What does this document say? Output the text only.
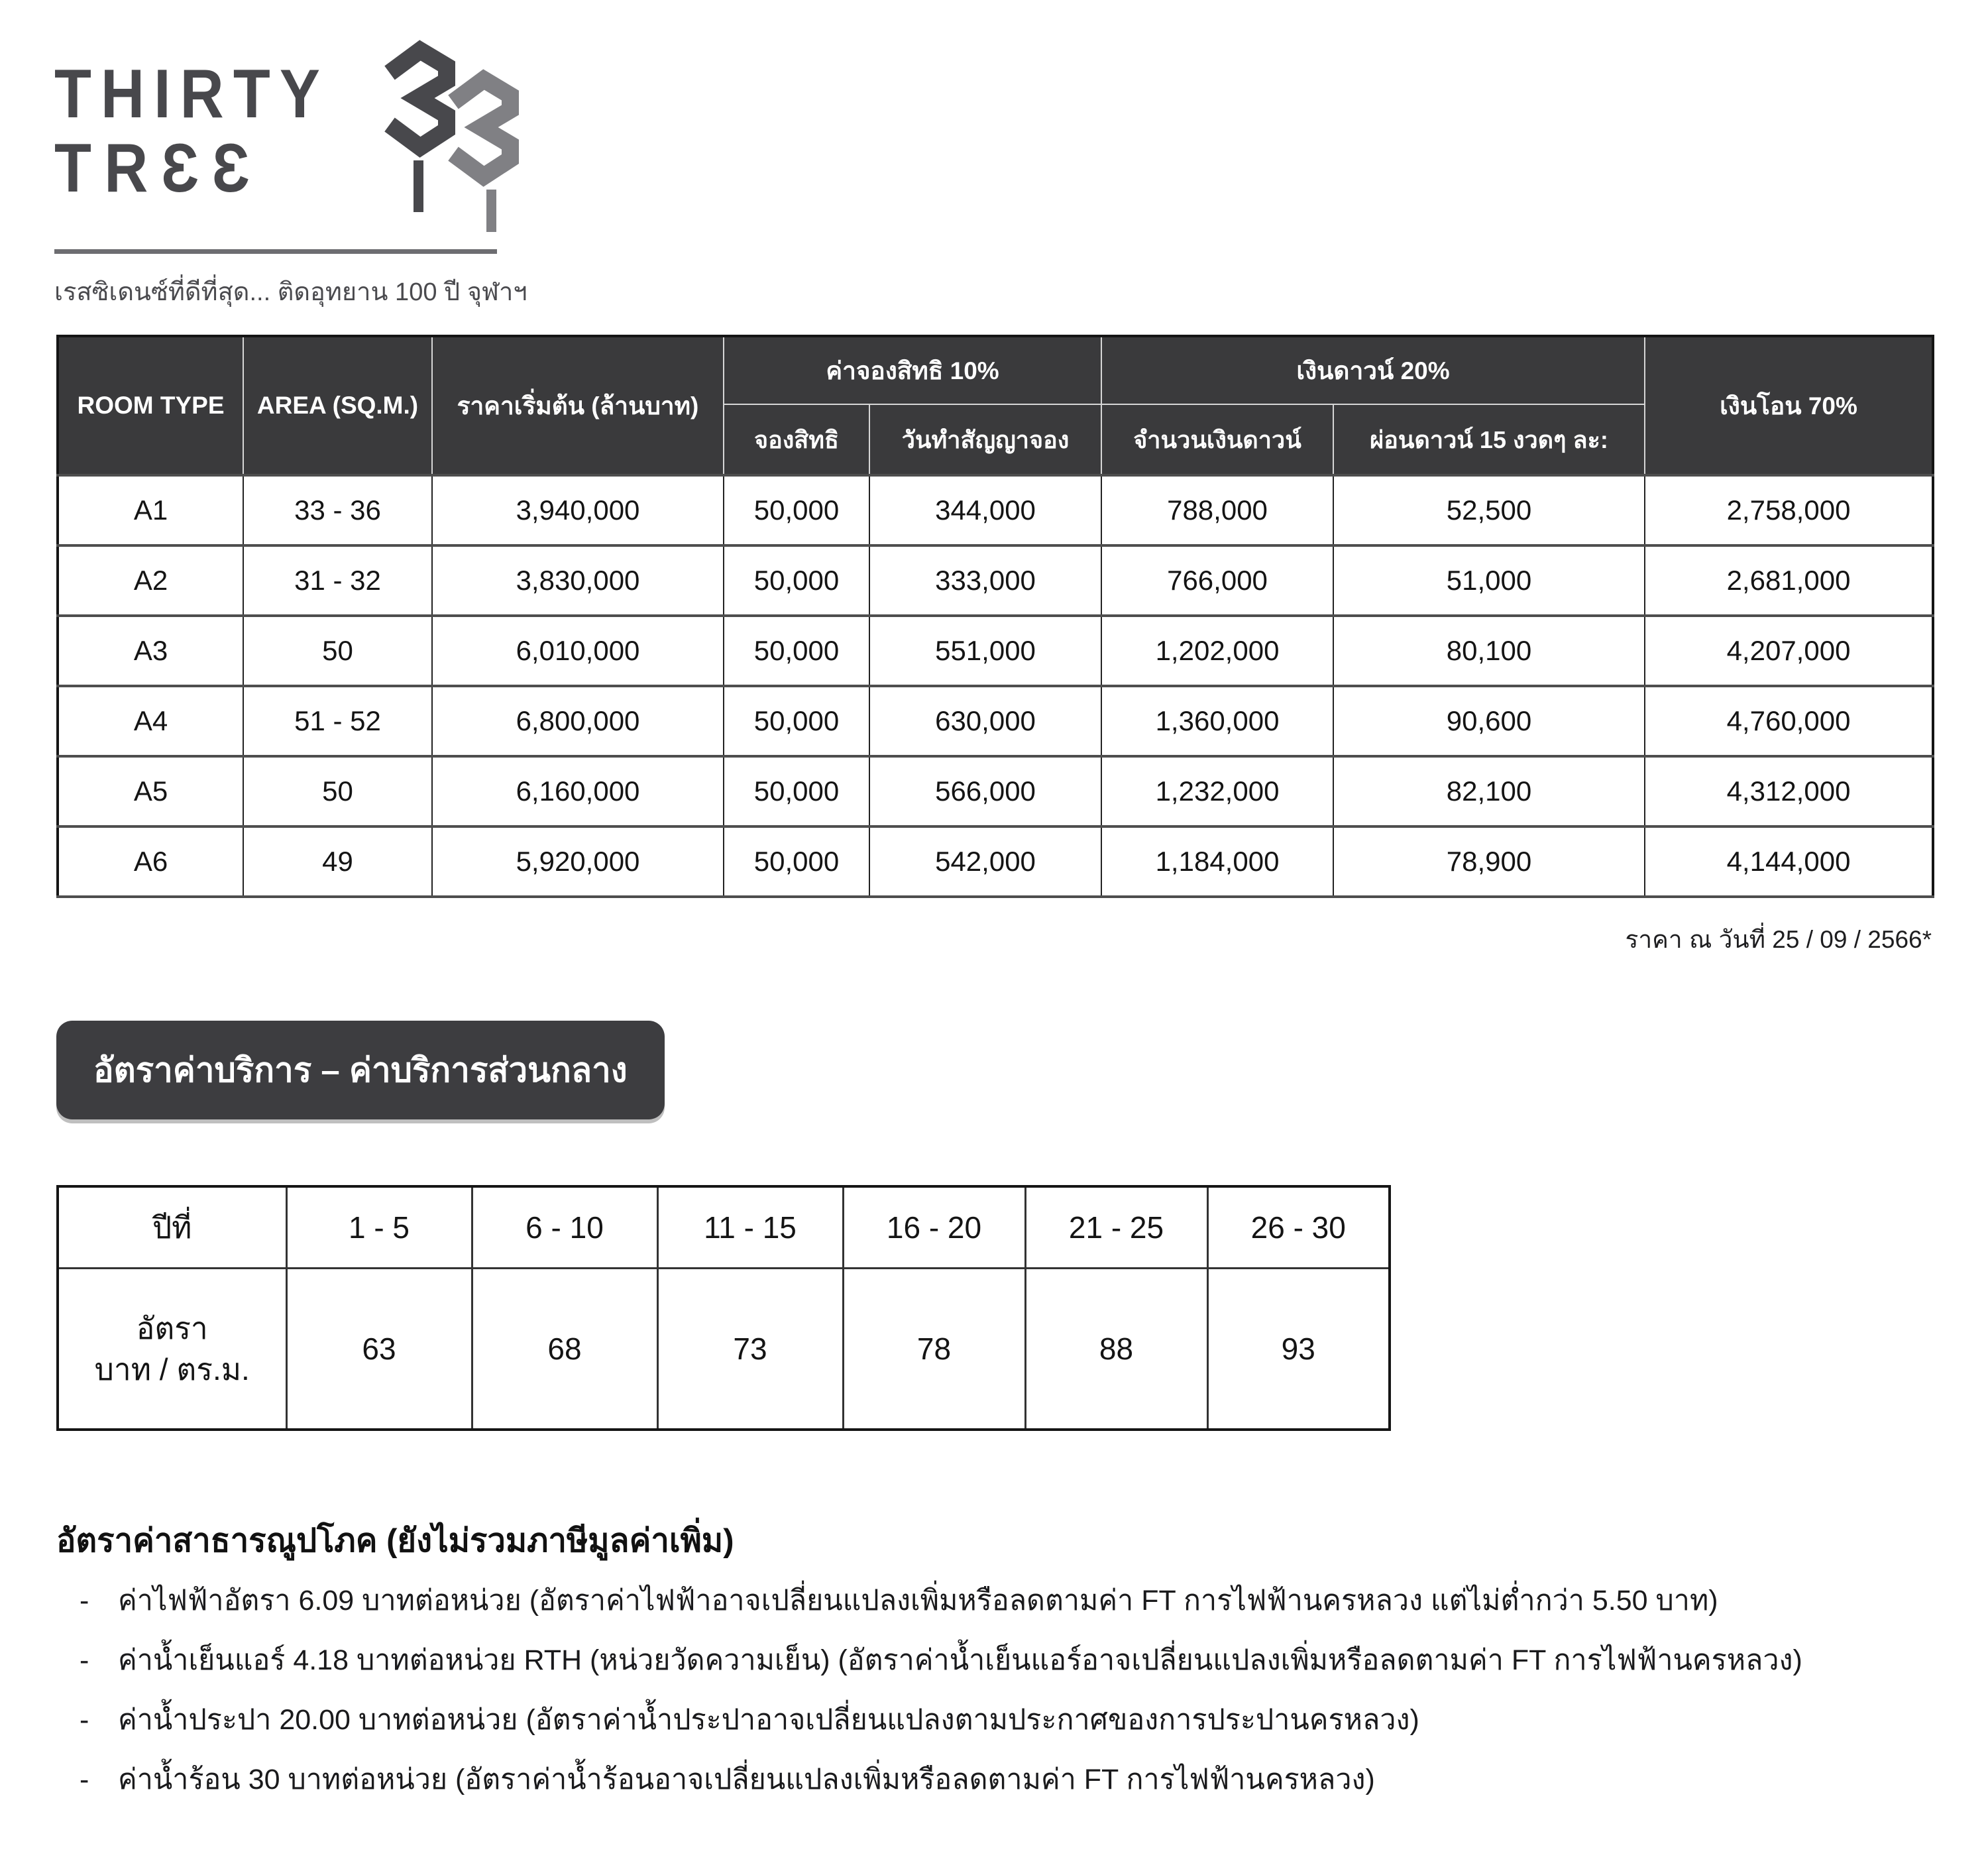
THIRTY
TRƐƐ
เรสซิเดนซ์ที่ดีที่สุด... ติดอุทยาน 100 ปี จุฬาฯ
ROOM TYPE	AREA (SQ.M.)	ราคาเริ่มต้น (ล้านบาท)	ค่าจองสิทธิ 10%		เงินดาวน์ 20%		เงินโอน 70%
			จองสิทธิ	วันทำสัญญาจอง	จำนวนเงินดาวน์	ผ่อนดาวน์ 15 งวดๆ ละ:	
A1	33 - 36	3,940,000	50,000	344,000	788,000	52,500	2,758,000
A2	31 - 32	3,830,000	50,000	333,000	766,000	51,000	2,681,000
A3	50	6,010,000	50,000	551,000	1,202,000	80,100	4,207,000
A4	51 - 52	6,800,000	50,000	630,000	1,360,000	90,600	4,760,000
A5	50	6,160,000	50,000	566,000	1,232,000	82,100	4,312,000
A6	49	5,920,000	50,000	542,000	1,184,000	78,900	4,144,000
ราคา ณ วันที่ 25 / 09 / 2566*
อัตราค่าบริการ – ค่าบริการส่วนกลาง
ปีที่	1 - 5	6 - 10	11 - 15	16 - 20	21 - 25	26 - 30

อัตรา
บาท / ตร.ม.	63	68	73	78	88	93
อัตราค่าสาธารณูปโภค (ยังไม่รวมภาษีมูลค่าเพิ่ม)
-	ค่าไฟฟ้าอัตรา 6.09 บาทต่อหน่วย (อัตราค่าไฟฟ้าอาจเปลี่ยนแปลงเพิ่มหรือลดตามค่า FT การไฟฟ้านครหลวง แต่ไม่ต่ำกว่า 5.50 บาท)
-	ค่าน้ำเย็นแอร์ 4.18 บาทต่อหน่วย RTH (หน่วยวัดความเย็น) (อัตราค่าน้ำเย็นแอร์อาจเปลี่ยนแปลงเพิ่มหรือลดตามค่า FT การไฟฟ้านครหลวง)
-	ค่าน้ำประปา 20.00 บาทต่อหน่วย (อัตราค่าน้ำประปาอาจเปลี่ยนแปลงตามประกาศของการประปานครหลวง)
-	ค่าน้ำร้อน 30 บาทต่อหน่วย (อัตราค่าน้ำร้อนอาจเปลี่ยนแปลงเพิ่มหรือลดตามค่า FT การไฟฟ้านครหลวง)
